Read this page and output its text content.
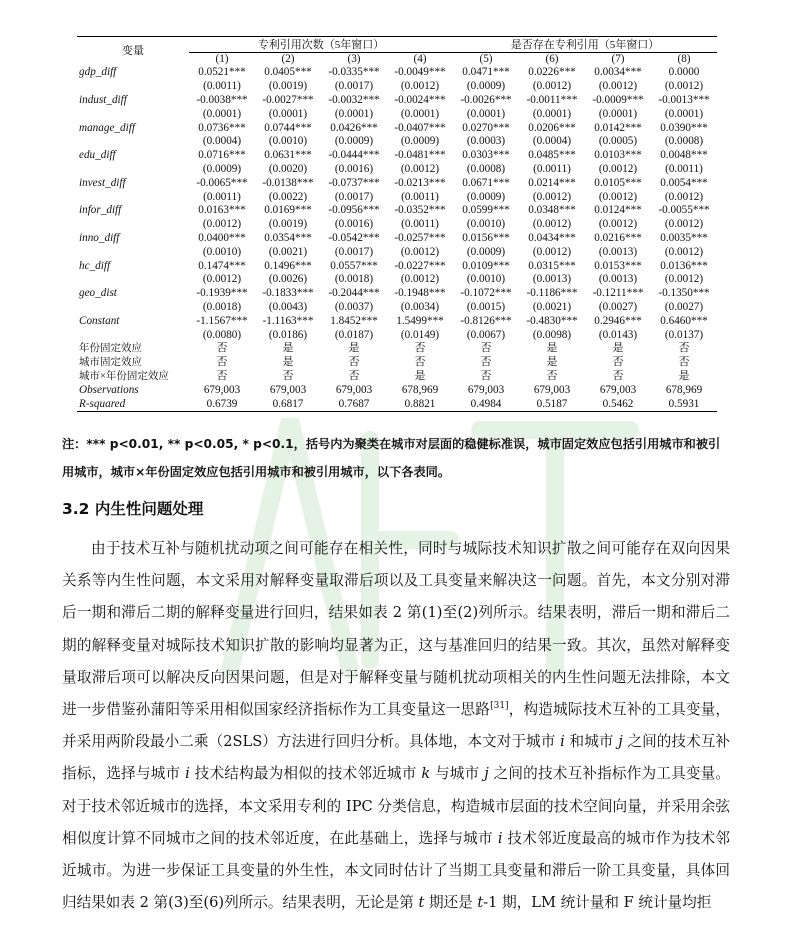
变量	专利引用次数（5年窗口）				是否存在专利引用（5年窗口）			
	(1)	(2)	(3)	(4)	(5)	(6)	(7)	(8)
gdp_diff	0.0521***	0.0405***	-0.0335***	-0.0049***	0.0471***	0.0226***	0.0034***	0.0000
	(0.0011)	(0.0019)	(0.0017)	(0.0012)	(0.0009)	(0.0012)	(0.0012)	(0.0012)
indust_diff	-0.0038***	-0.0027***	-0.0032***	-0.0024***	-0.0026***	-0.0011***	-0.0009***	-0.0013***
	(0.0001)	(0.0001)	(0.0001)	(0.0001)	(0.0001)	(0.0001)	(0.0001)	(0.0001)
manage_diff	0.0736***	0.0744***	0.0426***	-0.0407***	0.0270***	0.0206***	0.0142***	0.0390***
	(0.0004)	(0.0010)	(0.0009)	(0.0009)	(0.0003)	(0.0004)	(0.0005)	(0.0008)
edu_diff	0.0716***	0.0631***	-0.0444***	-0.0481***	0.0303***	0.0485***	0.0103***	0.0048***
	(0.0009)	(0.0020)	(0.0016)	(0.0012)	(0.0008)	(0.0011)	(0.0012)	(0.0011)
invest_diff	-0.0065***	-0.0138***	-0.0737***	-0.0213***	0.0671***	0.0214***	0.0105***	0.0054***
	(0.0011)	(0.0022)	(0.0017)	(0.0011)	(0.0009)	(0.0012)	(0.0012)	(0.0012)
infor_diff	0.0163***	0.0169***	-0.0956***	-0.0352***	0.0599***	0.0348***	0.0124***	-0.0055***
	(0.0012)	(0.0019)	(0.0016)	(0.0011)	(0.0010)	(0.0012)	(0.0012)	(0.0012)
inno_diff	0.0400***	0.0354***	-0.0542***	-0.0257***	0.0156***	0.0434***	0.0216***	0.0035***
	(0.0010)	(0.0021)	(0.0017)	(0.0012)	(0.0009)	(0.0012)	(0.0013)	(0.0012)
hc_diff	0.1474***	0.1496***	0.0557***	-0.0227***	0.0109***	0.0315***	0.0153***	0.0136***
	(0.0012)	(0.0026)	(0.0018)	(0.0012)	(0.0010)	(0.0013)	(0.0013)	(0.0012)
geo_dist	-0.1939***	-0.1833***	-0.2044***	-0.1948***	-0.1072***	-0.1186***	-0.1211***	-0.1350***
	(0.0018)	(0.0043)	(0.0037)	(0.0034)	(0.0015)	(0.0021)	(0.0027)	(0.0027)
Constant	-1.1567***	-1.1163***	1.8452***	1.5499***	-0.8126***	-0.4830***	0.2946***	0.6460***
	(0.0080)	(0.0186)	(0.0187)	(0.0149)	(0.0067)	(0.0098)	(0.0143)	(0.0137)
年份固定效应	否	是	是	否	否	是	是	否
城市固定效应	否	是	否	否	否	是	否	否
城市×年份固定效应	否	否	否	是	否	否	否	是
Observations	679,003	679,003	679,003	678,969	679,003	679,003	679,003	678,969
R-squared	0.6739	0.6817	0.7687	0.8821	0.4984	0.5187	0.5462	0.5931
注：*** p<0.01, ** p<0.05, * p<0.1，括号内为聚类在城市对层面的稳健标准误，城市固定效应包括引用城市和被引用城市，城市×年份固定效应包括引用城市和被引用城市，以下各表同。
3.2 内生性问题处理

由于技术互补与随机扰动项之间可能存在相关性，同时与城际技术知识扩散之间可能存在双向因果关系等内生性问题，本文采用对解释变量取滞后项以及工具变量来解决这一问题。首先，本文分别对滞后一期和滞后二期的解释变量进行回归，结果如表 2 第(1)至(2)列所示。结果表明，滞后一期和滞后二期的解释变量对城际技术知识扩散的影响均显著为正，这与基准回归的结果一致。其次，虽然对解释变量取滞后项可以解决反向因果问题，但是对于解释变量与随机扰动项相关的内生性问题无法排除，本文进一步借鉴孙蒲阳等采用相似国家经济指标作为工具变量这一思路[31]，构造城际技术互补的工具变量，并采用两阶段最小二乘（2SLS）方法进行回归分析。具体地，本文对于城市 i 和城市 j 之间的技术互补指标，选择与城市 i 技术结构最为相似的技术邻近城市 k 与城市 j 之间的技术互补指标作为工具变量。对于技术邻近城市的选择，本文采用专利的 IPC 分类信息，构造城市层面的技术空间向量，并采用余弦相似度计算不同城市之间的技术邻近度，在此基础上，选择与城市 i 技术邻近度最高的城市作为技术邻近城市。为进一步保证工具变量的外生性，本文同时估计了当期工具变量和滞后一阶工具变量，具体回归结果如表 2 第(3)至(6)列所示。结果表明，无论是第 t 期还是 t-1 期，LM 统计量和 F 统计量均拒
